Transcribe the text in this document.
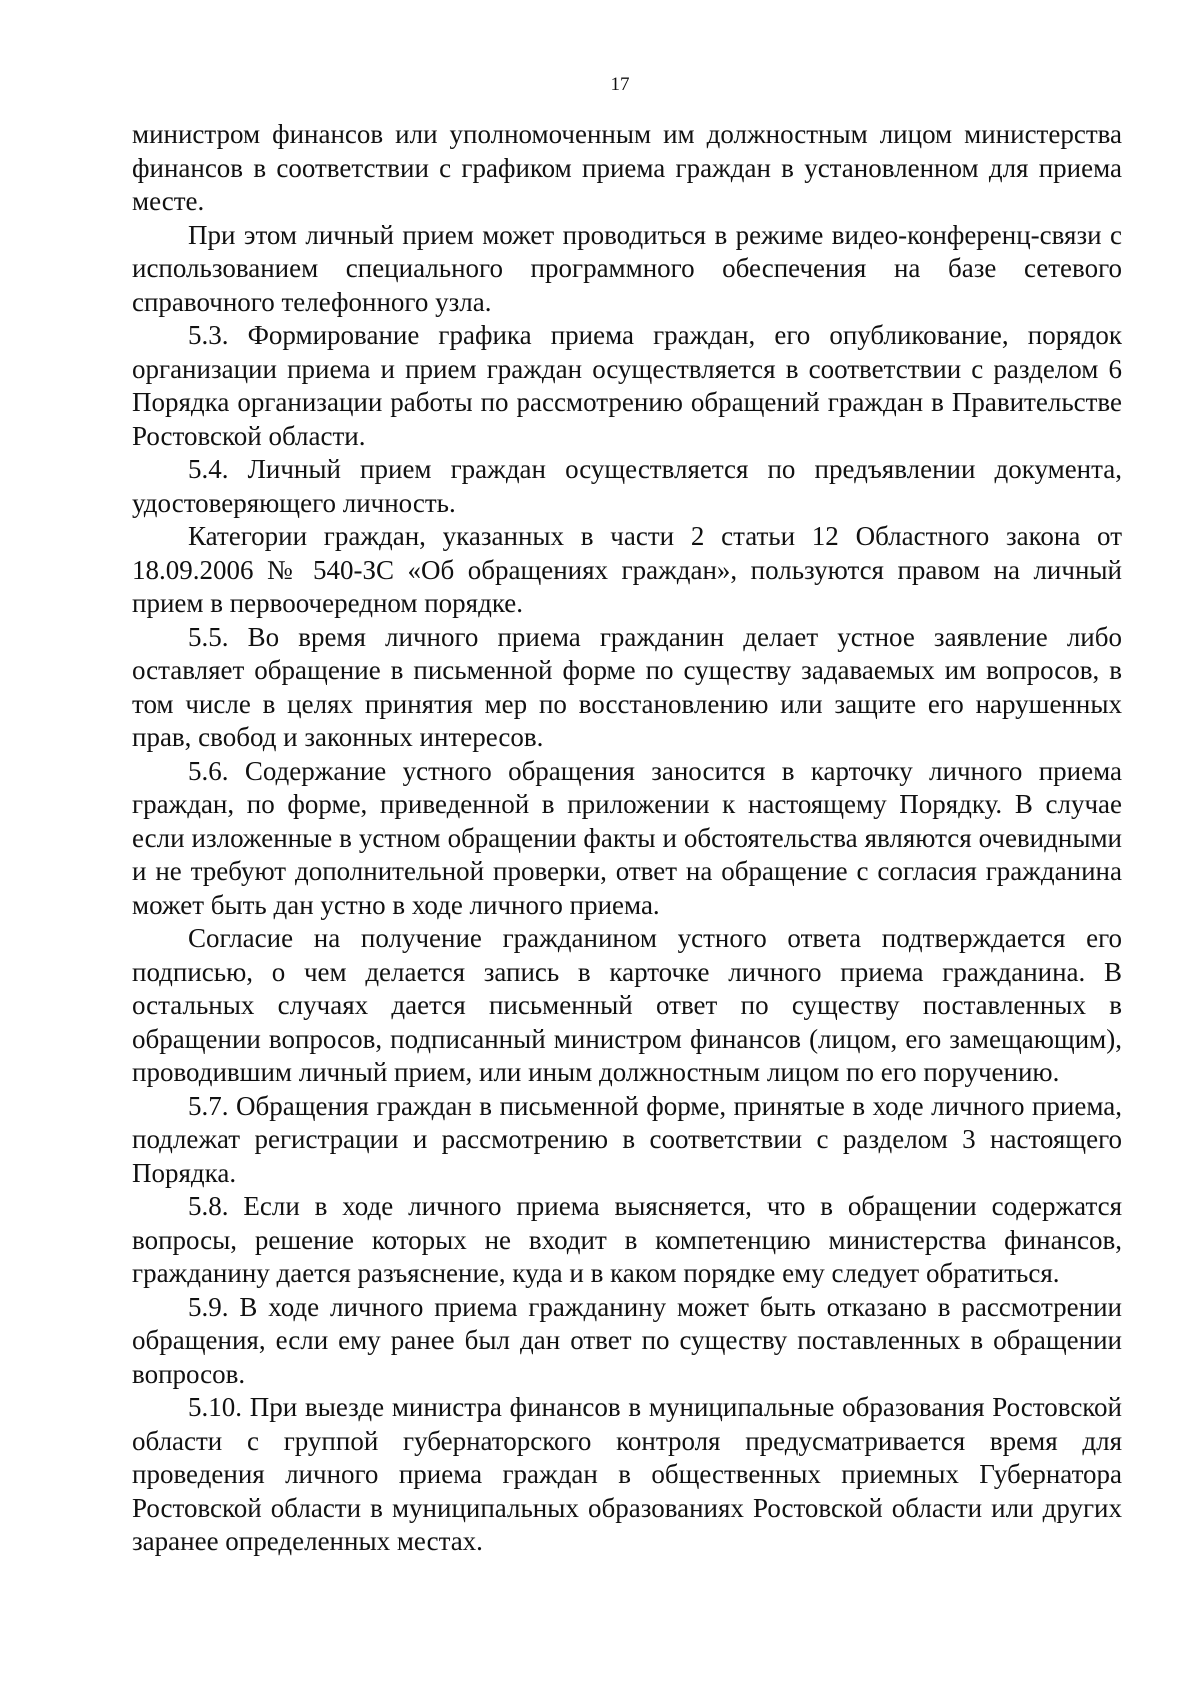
17

министром финансов или уполномоченным им должностным лицом министерства финансов в соответствии с графиком приема граждан в установленном для приема месте.

При этом личный прием может проводиться в режиме видео-конференц-связи с использованием специального программного обеспечения на базе сетевого справочного телефонного узла.

5.3. Формирование графика приема граждан, его опубликование, порядок организации приема и прием граждан осуществляется в соответствии с разделом 6 Порядка организации работы по рассмотрению обращений граждан в Правительстве Ростовской области.

5.4. Личный прием граждан осуществляется по предъявлении документа, удостоверяющего личность.

Категории граждан, указанных в части 2 статьи 12 Областного закона от 18.09.2006 № 540-ЗС «Об обращениях граждан», пользуются правом на личный прием в первоочередном порядке.

5.5. Во время личного приема гражданин делает устное заявление либо оставляет обращение в письменной форме по существу задаваемых им вопросов, в том числе в целях принятия мер по восстановлению или защите его нарушенных прав, свобод и законных интересов.

5.6. Содержание устного обращения заносится в карточку личного приема граждан, по форме, приведенной в приложении к настоящему Порядку. В случае если изложенные в устном обращении факты и обстоятельства являются очевидными и не требуют дополнительной проверки, ответ на обращение с согласия гражданина может быть дан устно в ходе личного приема.

Согласие на получение гражданином устного ответа подтверждается его подписью, о чем делается запись в карточке личного приема гражданина. В остальных случаях дается письменный ответ по существу поставленных в обращении вопросов, подписанный министром финансов (лицом, его замещающим), проводившим личный прием, или иным должностным лицом по его поручению.

5.7. Обращения граждан в письменной форме, принятые в ходе личного приема, подлежат регистрации и рассмотрению в соответствии с разделом 3 настоящего Порядка.

5.8. Если в ходе личного приема выясняется, что в обращении содержатся вопросы, решение которых не входит в компетенцию министерства финансов, гражданину дается разъяснение, куда и в каком порядке ему следует обратиться.

5.9. В ходе личного приема гражданину может быть отказано в рассмотрении обращения, если ему ранее был дан ответ по существу поставленных в обращении вопросов.

5.10. При выезде министра финансов в муниципальные образования Ростовской области с группой губернаторского контроля предусматривается время для проведения личного приема граждан в общественных приемных Губернатора Ростовской области в муниципальных образованиях Ростовской области или других заранее определенных местах.
